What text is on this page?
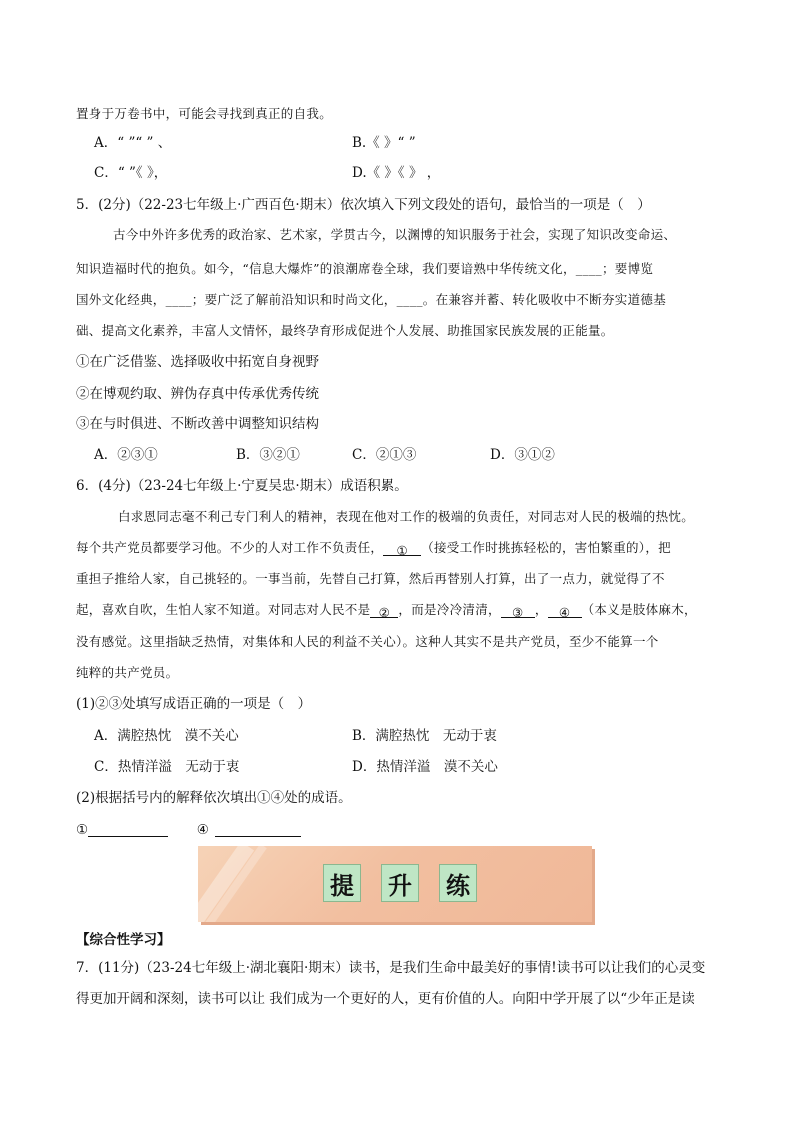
置身于万卷书中，可能会寻找到真正的自我。
A．“ ”“ ” 、	B.《 》“ ”
C．“ ”《 》，	D.《 》《 》 ，
5．(2分)（22-23七年级上·广西百色·期末）依次填入下列文段处的语句，最恰当的一项是（　）
古今中外许多优秀的政治家、艺术家，学贯古今，以渊博的知识服务于社会，实现了知识改变命运、
知识造福时代的抱负。如今，“信息大爆炸”的浪潮席卷全球，我们要谙熟中华传统文化，____；要博览
国外文化经典，____；要广泛了解前沿知识和时尚文化，____。在兼容并蓄、转化吸收中不断夯实道德基
础、提高文化素养，丰富人文情怀，最终孕育形成促进个人发展、助推国家民族发展的正能量。
①在广泛借鉴、选择吸收中拓宽自身视野
②在博观约取、辨伪存真中传承优秀传统
③在与时俱进、不断改善中调整知识结构
A．②③①	B．③②①	C．②①③	D．③①②
6．(4分)（23-24七年级上·宁夏吴忠·期末）成语积累。
白求恩同志毫不利己专门利人的精神，表现在他对工作的极端的负责任，对同志对人民的极端的热忱。
每个共产党员都要学习他。不少的人对工作不负责任， ① （接受工作时挑拣轻松的，害怕繁重的），把
重担子推给人家，自己挑轻的。一事当前，先替自己打算，然后再替别人打算，出了一点力，就觉得了不
起，喜欢自吹，生怕人家不知道。对同志对人民不是 ② ，而是冷冷清清， ③ ， ④ （本义是肢体麻木，
没有感觉。这里指缺乏热情，对集体和人民的利益不关心）。这种人其实不是共产党员，至少不能算一个
纯粹的共产党员。
(1)②③处填写成语正确的一项是（　）
A．满腔热忱　漠不关心	B．满腔热忱　无动于衷
C．热情洋溢　无动于衷	D．热情洋溢　漠不关心
(2)根据括号内的解释依次填出①④处的成语。
①	④
提 升 练
【综合性学习】
7．(11分)（23-24七年级上·湖北襄阳·期末）读书，是我们生命中最美好的事情!读书可以让我们的心灵变
得更加开阔和深刻，读书可以让 我们成为一个更好的人，更有价值的人。向阳中学开展了以“少年正是读
